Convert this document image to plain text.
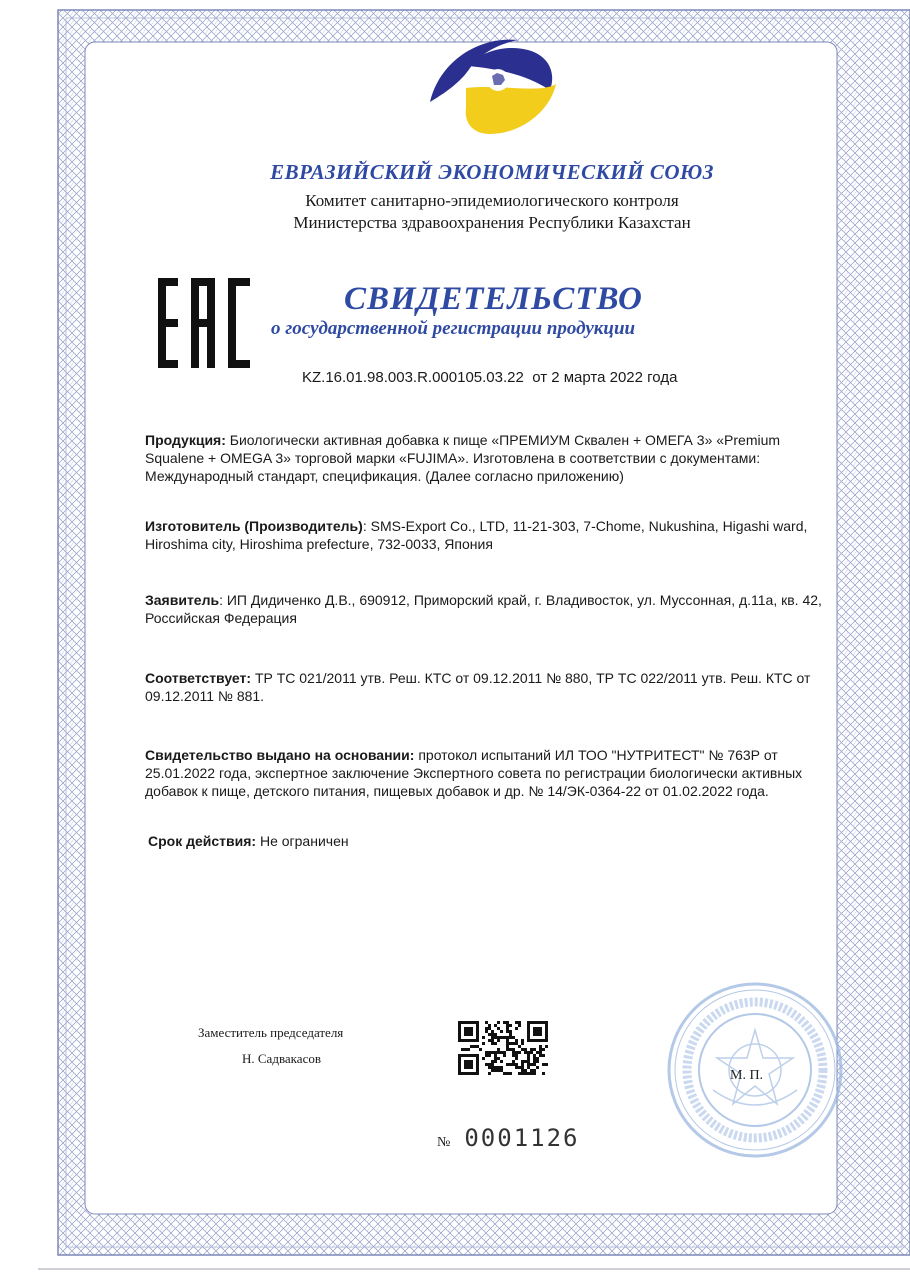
ЕВРАЗИЙСКИЙ ЭКОНОМИЧЕСКИЙ СОЮЗ
Комитет санитарно-эпидемиологического контроля
Министерства здравоохранения Республики Казахстан
СВИДЕТЕЛЬСТВО
о государственной регистрации продукции
KZ.16.01.98.003.R.000105.03.22 от 2 марта 2022 года
Продукция: Биологически активная добавка к пище «ПРЕМИУМ Сквален + ОМЕГА 3» «Premium Squalene + OMEGA 3» торговой марки «FUJIMA». Изготовлена в соответствии с документами: Международный стандарт, спецификация. (Далее согласно приложению)
Изготовитель (Производитель): SMS-Export Co., LTD, 11-21-303, 7-Chome, Nukushina, Higashi ward, Hiroshima city, Hiroshima prefecture, 732-0033, Япония
Заявитель: ИП Дидиченко Д.В., 690912, Приморский край, г. Владивосток, ул. Муссонная, д.11а, кв. 42, Российская Федерация
Соответствует: ТР ТС 021/2011 утв. Реш. КТС от 09.12.2011 № 880, ТР ТС 022/2011 утв. Реш. КТС от 09.12.2011 № 881.
Свидетельство выдано на основании: протокол испытаний ИЛ ТОО "НУТРИТЕСТ" № 763Р от 25.01.2022 года, экспертное заключение Экспертного совета по регистрации биологически активных добавок к пище, детского питания, пищевых добавок и др. № 14/ЭК-0364-22 от 01.02.2022 года.
Срок действия: Не ограничен
Заместитель председателя
Н. Садвакасов
№ 0001126
М. П.
